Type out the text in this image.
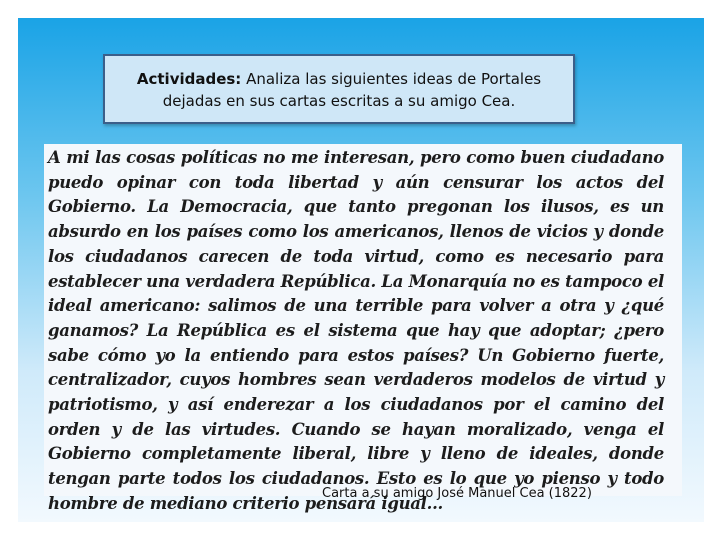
Actividades: Analiza las siguientes ideas de Portales
dejadas en sus cartas escritas a su amigo Cea.

A mi las cosas políticas no me interesan, pero como buen ciudadano puedo opinar con toda libertad y aún censurar los actos del Gobierno. La Democracia, que tanto pregonan los ilusos, es un absurdo en los países como los americanos, llenos de vicios y donde los ciudadanos carecen de toda virtud, como es necesario para establecer una verdadera República. La Monarquía no es tampoco el ideal americano: salimos de una terrible para volver a otra y ¿qué ganamos? La República es el sistema que hay que adoptar; ¿pero sabe cómo yo la entiendo para estos países? Un Gobierno fuerte, centralizador, cuyos hombres sean verdaderos modelos de virtud y patriotismo, y así enderezar a los ciudadanos por el camino del orden y de las virtudes. Cuando se hayan moralizado, venga el Gobierno completamente liberal, libre y lleno de ideales, donde tengan parte todos los ciudadanos. Esto es lo que yo pienso y todo hombre de mediano criterio pensará igual...

Carta a su amigo José Manuel Cea (1822)
